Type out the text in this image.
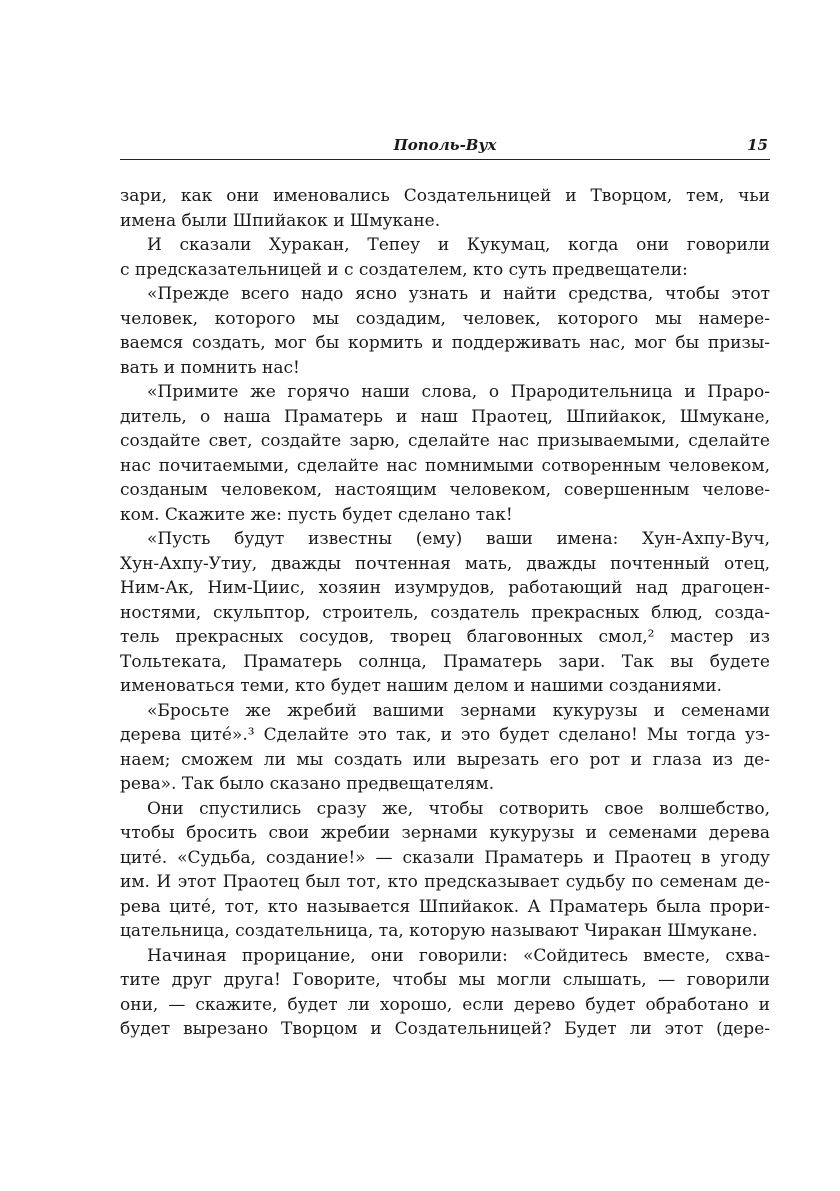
Пополь-Вух	15
зари, как они именовались Создательницей и Творцом, тем, чьи
имена были Шпийакок и Шмукане.
И сказали Хуракан, Тепеу и Кукумац, когда они говорили
с предсказательницей и с создателем, кто суть предвещатели:
«Прежде всего надо ясно узнать и найти средства, чтобы этот
человек, которого мы создадим, человек, которого мы намере-
ваемся создать, мог бы кормить и поддерживать нас, мог бы призы-
вать и помнить нас!
«Примите же горячо наши слова, о Прародительница и Праро-
дитель, о наша Праматерь и наш Праотец, Шпийакок, Шмукане,
создайте свет, создайте зарю, сделайте нас призываемыми, сделайте
нас почитаемыми, сделайте нас помнимыми сотворенным человеком,
созданым человеком, настоящим человеком, совершенным челове-
ком. Скажите же: пусть будет сделано так!
«Пусть будут известны (ему) ваши имена: Хун-Ахпу-Вуч,
Хун-Ахпу-Утиу, дважды почтенная мать, дважды почтенный отец,
Ним-Ак, Ним-Циис, хозяин изумрудов, работающий над драгоцен-
ностями, скульптор, строитель, создатель прекрасных блюд, созда-
тель прекрасных сосудов, творец благовонных смол,² мастер из
Тольтеката, Праматерь солнца, Праматерь зари. Так вы будете
именоваться теми, кто будет нашим делом и нашими созданиями.
«Бросьте же жребий вашими зернами кукурузы и семенами
дерева цитé».³ Сделайте это так, и это будет сделано! Мы тогда уз-
наем; сможем ли мы создать или вырезать его рот и глаза из де-
рева». Так было сказано предвещателям.
Они спустились сразу же, чтобы сотворить свое волшебство,
чтобы бросить свои жребии зернами кукурузы и семенами дерева
цитé. «Судьба, создание!» — сказали Праматерь и Праотец в угоду
им. И этот Праотец был тот, кто предсказывает судьбу по семенам де-
рева цитé, тот, кто называется Шпийакок. А Праматерь была прори-
цательница, создательница, та, которую называют Чиракан Шмукане.
Начиная прорицание, они говорили: «Сойдитесь вместе, схва-
тите друг друга! Говорите, чтобы мы могли слышать, — говорили
они, — скажите, будет ли хорошо, если дерево будет обработано и
будет вырезано Творцом и Создательницей? Будет ли этот (дере-
